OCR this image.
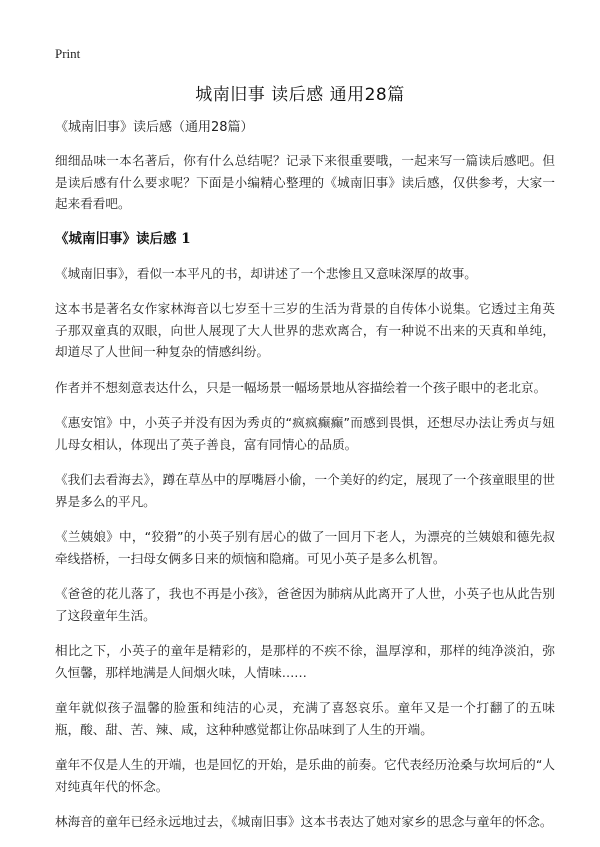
Print
城南旧事 读后感 通用28篇

《城南旧事》读后感（通用28篇）

细细品味一本名著后，你有什么总结呢？记录下来很重要哦，一起来写一篇读后感吧。但是读后感有什么要求呢？下面是小编精心整理的《城南旧事》读后感，仅供参考，大家一起来看看吧。

《城南旧事》读后感 1

《城南旧事》，看似一本平凡的书，却讲述了一个悲惨且又意味深厚的故事。

这本书是著名女作家林海音以七岁至十三岁的生活为背景的自传体小说集。它透过主角英子那双童真的双眼，向世人展现了大人世界的悲欢离合，有一种说不出来的天真和单纯，却道尽了人世间一种复杂的情感纠纷。

作者并不想刻意表达什么，只是一幅场景一幅场景地从容描绘着一个孩子眼中的老北京。

《惠安馆》中，小英子并没有因为秀贞的“疯疯癫癫”而感到畏惧，还想尽办法让秀贞与妞儿母女相认，体现出了英子善良，富有同情心的品质。

《我们去看海去》，蹲在草丛中的厚嘴唇小偷，一个美好的约定，展现了一个孩童眼里的世界是多么的平凡。

《兰姨娘》中，“狡猾”的小英子别有居心的做了一回月下老人，为漂亮的兰姨娘和德先叔牵线搭桥，一扫母女俩多日来的烦恼和隐痛。可见小英子是多么机智。

《爸爸的花儿落了，我也不再是小孩》，爸爸因为肺病从此离开了人世，小英子也从此告别了这段童年生活。

相比之下，小英子的童年是精彩的，是那样的不疾不徐，温厚淳和，那样的纯净淡泊，弥久恒馨，那样地满是人间烟火味，人情味……

童年就似孩子温馨的脸蛋和纯洁的心灵，充满了喜怒哀乐。童年又是一个打翻了的五味瓶，酸、甜、苦、辣、咸，这种种感觉都让你品味到了人生的开端。

童年不仅是人生的开端，也是回忆的开始，是乐曲的前奏。它代表经历沧桑与坎坷后的“人对纯真年代的怀念。

林海音的童年已经永远地过去，《城南旧事》这本书表达了她对家乡的思念与童年的怀念。
